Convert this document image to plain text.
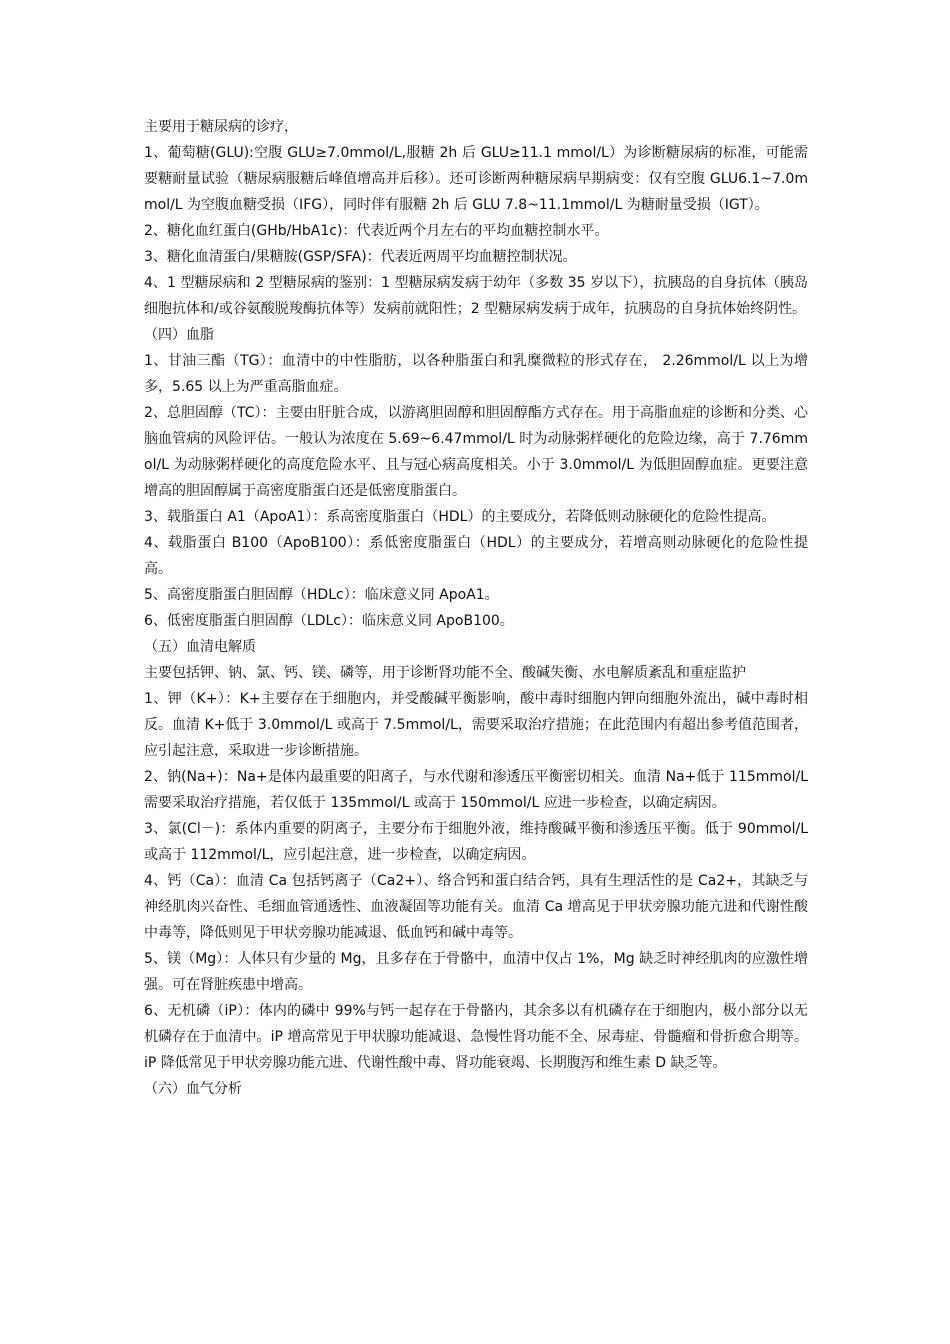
主要用于糖尿病的诊疗，

1、葡萄糖(GLU):空腹 GLU≥7.0mmol/L,服糖 2h 后 GLU≥11.1 mmol/L）为诊断糖尿病的标准，可能需要糖耐量试验（糖尿病服糖后峰值增高并后移）。还可诊断两种糖尿病早期病变：仅有空腹 GLU6.1~7.0mmol/L 为空腹血糖受损（IFG），同时伴有服糖 2h 后 GLU 7.8~11.1mmol/L 为糖耐量受损（IGT）。

2、糖化血红蛋白(GHb/HbA1c)：代表近两个月左右的平均血糖控制水平。

3、糖化血清蛋白/果糖胺(GSP/SFA)：代表近两周平均血糖控制状况。

4、1 型糖尿病和 2 型糖尿病的鉴别：1 型糖尿病发病于幼年（多数 35 岁以下），抗胰岛的自身抗体（胰岛细胞抗体和/或谷氨酸脱羧酶抗体等）发病前就阳性；2 型糖尿病发病于成年，抗胰岛的自身抗体始终阴性。

（四）血脂

1、甘油三酯（TG）：血清中的中性脂肪，以各种脂蛋白和乳糜微粒的形式存在， 2.26mmol/L 以上为增多，5.65 以上为严重高脂血症。

2、总胆固醇（TC）：主要由肝脏合成，以游离胆固醇和胆固醇酯方式存在。用于高脂血症的诊断和分类、心脑血管病的风险评估。一般认为浓度在 5.69~6.47mmol/L 时为动脉粥样硬化的危险边缘，高于 7.76mmol/L 为动脉粥样硬化的高度危险水平、且与冠心病高度相关。小于 3.0mmol/L 为低胆固醇血症。更要注意增高的胆固醇属于高密度脂蛋白还是低密度脂蛋白。

3、载脂蛋白 A1（ApoA1）：系高密度脂蛋白（HDL）的主要成分，若降低则动脉硬化的危险性提高。

4、载脂蛋白 B100（ApoB100）：系低密度脂蛋白（HDL）的主要成分，若增高则动脉硬化的危险性提高。

5、高密度脂蛋白胆固醇（HDLc）：临床意义同 ApoA1。

6、低密度脂蛋白胆固醇（LDLc）：临床意义同 ApoB100。

（五）血清电解质

主要包括钾、钠、氯、钙、镁、磷等，用于诊断肾功能不全、酸碱失衡、水电解质紊乱和重症监护

1、钾（K+）：K+主要存在于细胞内，并受酸碱平衡影响，酸中毒时细胞内钾向细胞外流出，碱中毒时相反。血清 K+低于 3.0mmol/L 或高于 7.5mmol/L，需要采取治疗措施；在此范围内有超出参考值范围者，应引起注意，采取进一步诊断措施。

2、钠(Na+)：Na+是体内最重要的阳离子，与水代谢和渗透压平衡密切相关。血清 Na+低于 115mmol/L 需要采取治疗措施，若仅低于 135mmol/L 或高于 150mmol/L 应进一步检查，以确定病因。

3、氯(Cl－)：系体内重要的阴离子，主要分布于细胞外液，维持酸碱平衡和渗透压平衡。低于 90mmol/L 或高于 112mmol/L，应引起注意，进一步检查，以确定病因。

4、钙（Ca）：血清 Ca 包括钙离子（Ca2+）、络合钙和蛋白结合钙，具有生理活性的是 Ca2+，其缺乏与神经肌肉兴奋性、毛细血管通透性、血液凝固等功能有关。血清 Ca 增高见于甲状旁腺功能亢进和代谢性酸中毒等，降低则见于甲状旁腺功能减退、低血钙和碱中毒等。

5、镁（Mg）：人体只有少量的 Mg，且多存在于骨骼中，血清中仅占 1%，Mg 缺乏时神经肌肉的应激性增强。可在肾脏疾患中增高。

6、无机磷（iP）：体内的磷中 99%与钙一起存在于骨骼内，其余多以有机磷存在于细胞内，极小部分以无机磷存在于血清中。iP 增高常见于甲状腺功能减退、急慢性肾功能不全、尿毒症、骨髓瘤和骨折愈合期等。iP 降低常见于甲状旁腺功能亢进、代谢性酸中毒、肾功能衰竭、长期腹泻和维生素 D 缺乏等。

（六）血气分析
